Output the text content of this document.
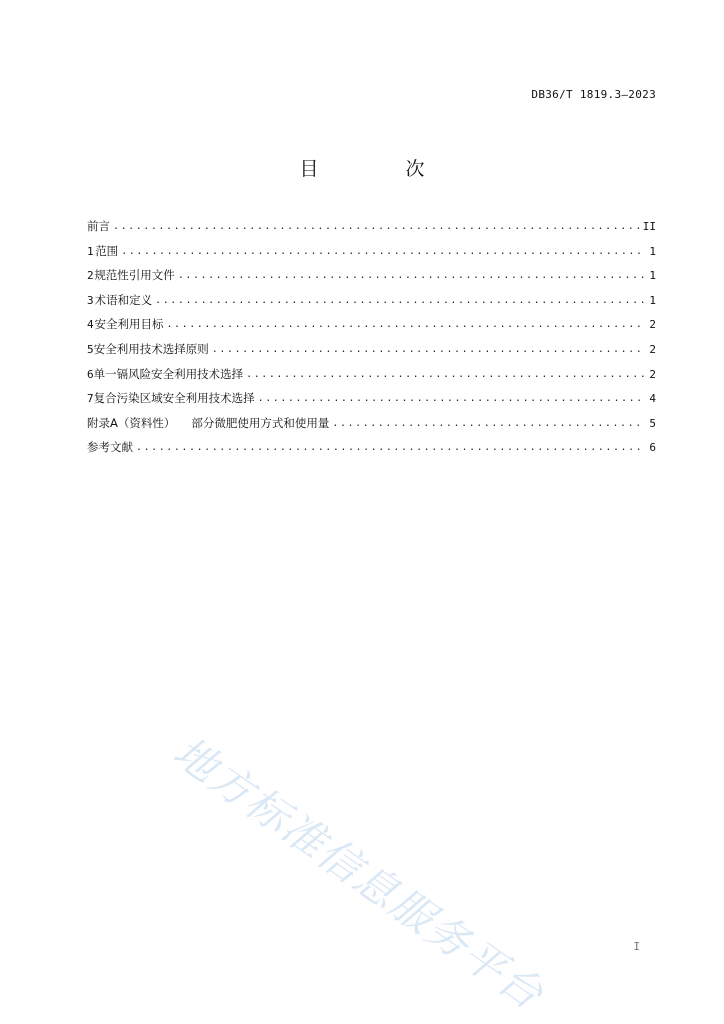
DB36/T 1819.3—2023
目　次
前言 .....	II
1 范围 .....	1
2 规范性引用文件 .....	1
3 术语和定义 .....	1
4 安全利用目标 .....	2
5 安全利用技术选择原则 .....	2
6 单一镉风险安全利用技术选择 .....	2
7 复合污染区域安全利用技术选择 .....	4
附录A（资料性） 部分微肥使用方式和使用量 .....	5
参考文献 .....	6
地方标准信息服务平台	I
